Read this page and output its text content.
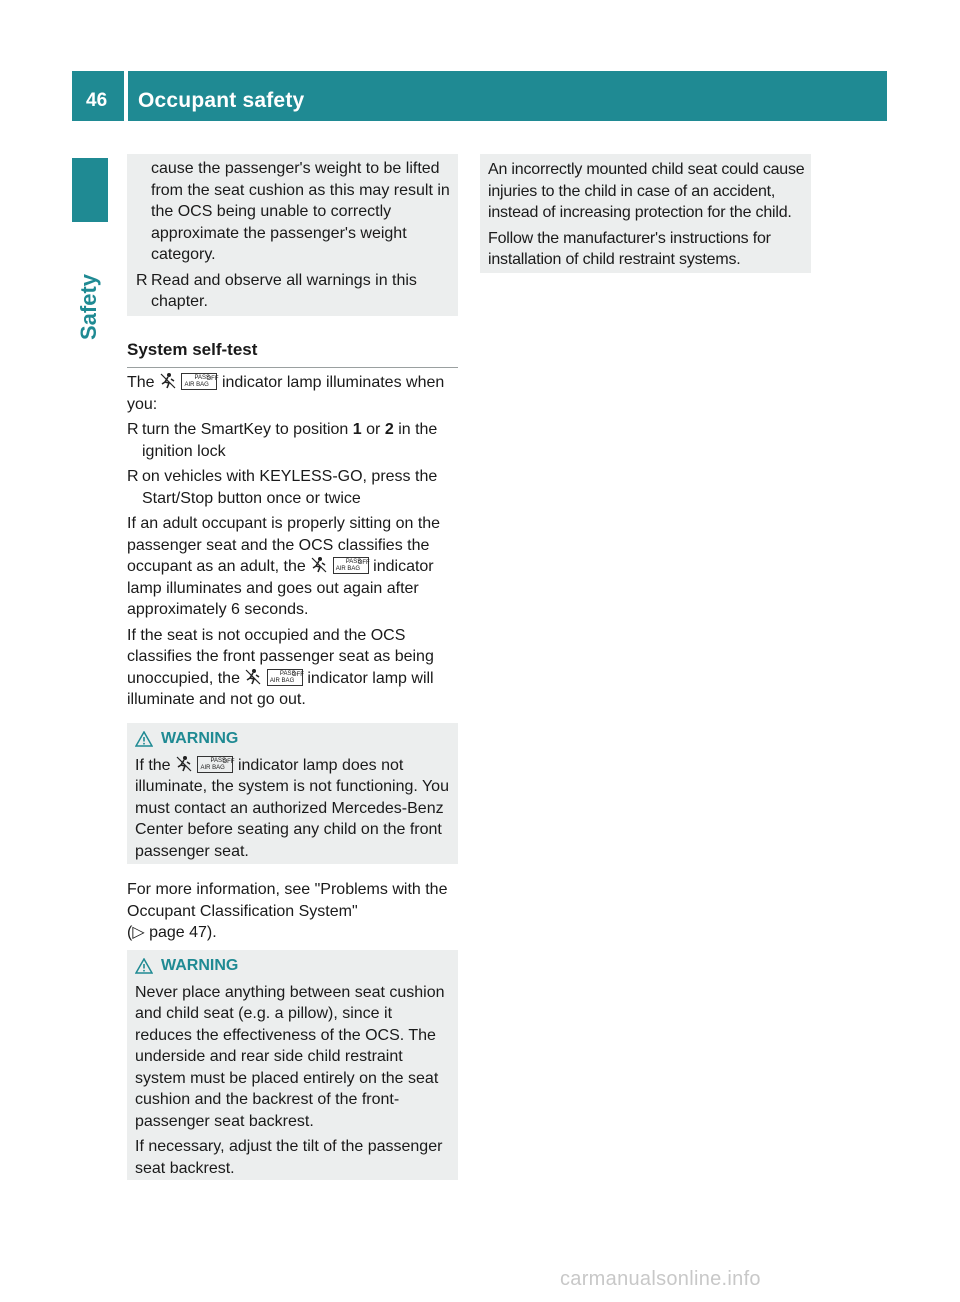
46 Occupant safety
Safety

cause the passenger's weight to be lifted from the seat cushion as this may result in the OCS being unable to correctly approximate the passenger's weight category.

R Read and observe all warnings in this chapter.
System self-test

The	PASS
AIR BAG
OFF indicator lamp illuminates when you:

R turn the SmartKey to position 1 or 2 in the ignition lock
R on vehicles with KEYLESS-GO, press the Start/Stop button once or twice

If an adult occupant is properly sitting on the passenger seat and the OCS classifies the occupant as an adult, the	PASS
AIR BAG
OFF indicator lamp illuminates and goes out again after approximately 6 seconds.

If the seat is not occupied and the OCS classifies the front passenger seat as being unoccupied, the	PASS
AIR BAG
OFF indicator lamp will illuminate and not go out.

WARNING

If the	PASS
AIR BAG
OFF indicator lamp does not illuminate, the system is not functioning. You must contact an authorized Mercedes-Benz Center before seating any child on the front passenger seat.

For more information, see "Problems with the Occupant Classification System"
(▷ page 47).

WARNING

Never place anything between seat cushion and child seat (e.g. a pillow), since it reduces the effectiveness of the OCS. The underside and rear side child restraint system must be placed entirely on the seat cushion and the backrest of the front-passenger seat backrest.

If necessary, adjust the tilt of the passenger seat backrest.

An incorrectly mounted child seat could cause injuries to the child in case of an accident, instead of increasing protection for the child.

Follow the manufacturer's instructions for installation of child restraint systems.

carmanualsonline.info
